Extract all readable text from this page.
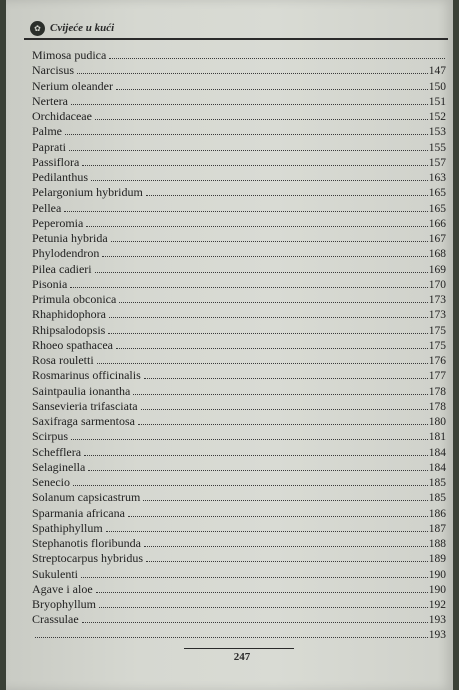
✿ Cvijeće u kući
Mimosa pudica
Narcisus	147
Nerium oleander	150
Nertera	151
Orchidaceae	152
Palme	153
Paprati	155
Passiflora	157
Pedilanthus	163
Pelargonium hybridum	165
Pellea	165
Peperomia	166
Petunia hybrida	167
Phylodendron	168
Pilea cadieri	169
Pisonia	170
Primula obconica	173
Rhaphidophora	173
Rhipsalodopsis	175
Rhoeo spathacea	175
Rosa rouletti	176
Rosmarinus officinalis	177
Saintpaulia ionantha	178
Sansevieria trifasciata	178
Saxifraga sarmentosa	180
Scirpus	181
Schefflera	184
Selaginella	184
Senecio	185
Solanum capsicastrum	185
Sparmania africana	186
Spathiphyllum	187
Stephanotis floribunda	188
Streptocarpus hybridus	189
Sukulenti	190
Agave i aloe	190
Bryophyllum	192
Crassulae	193
193
247
